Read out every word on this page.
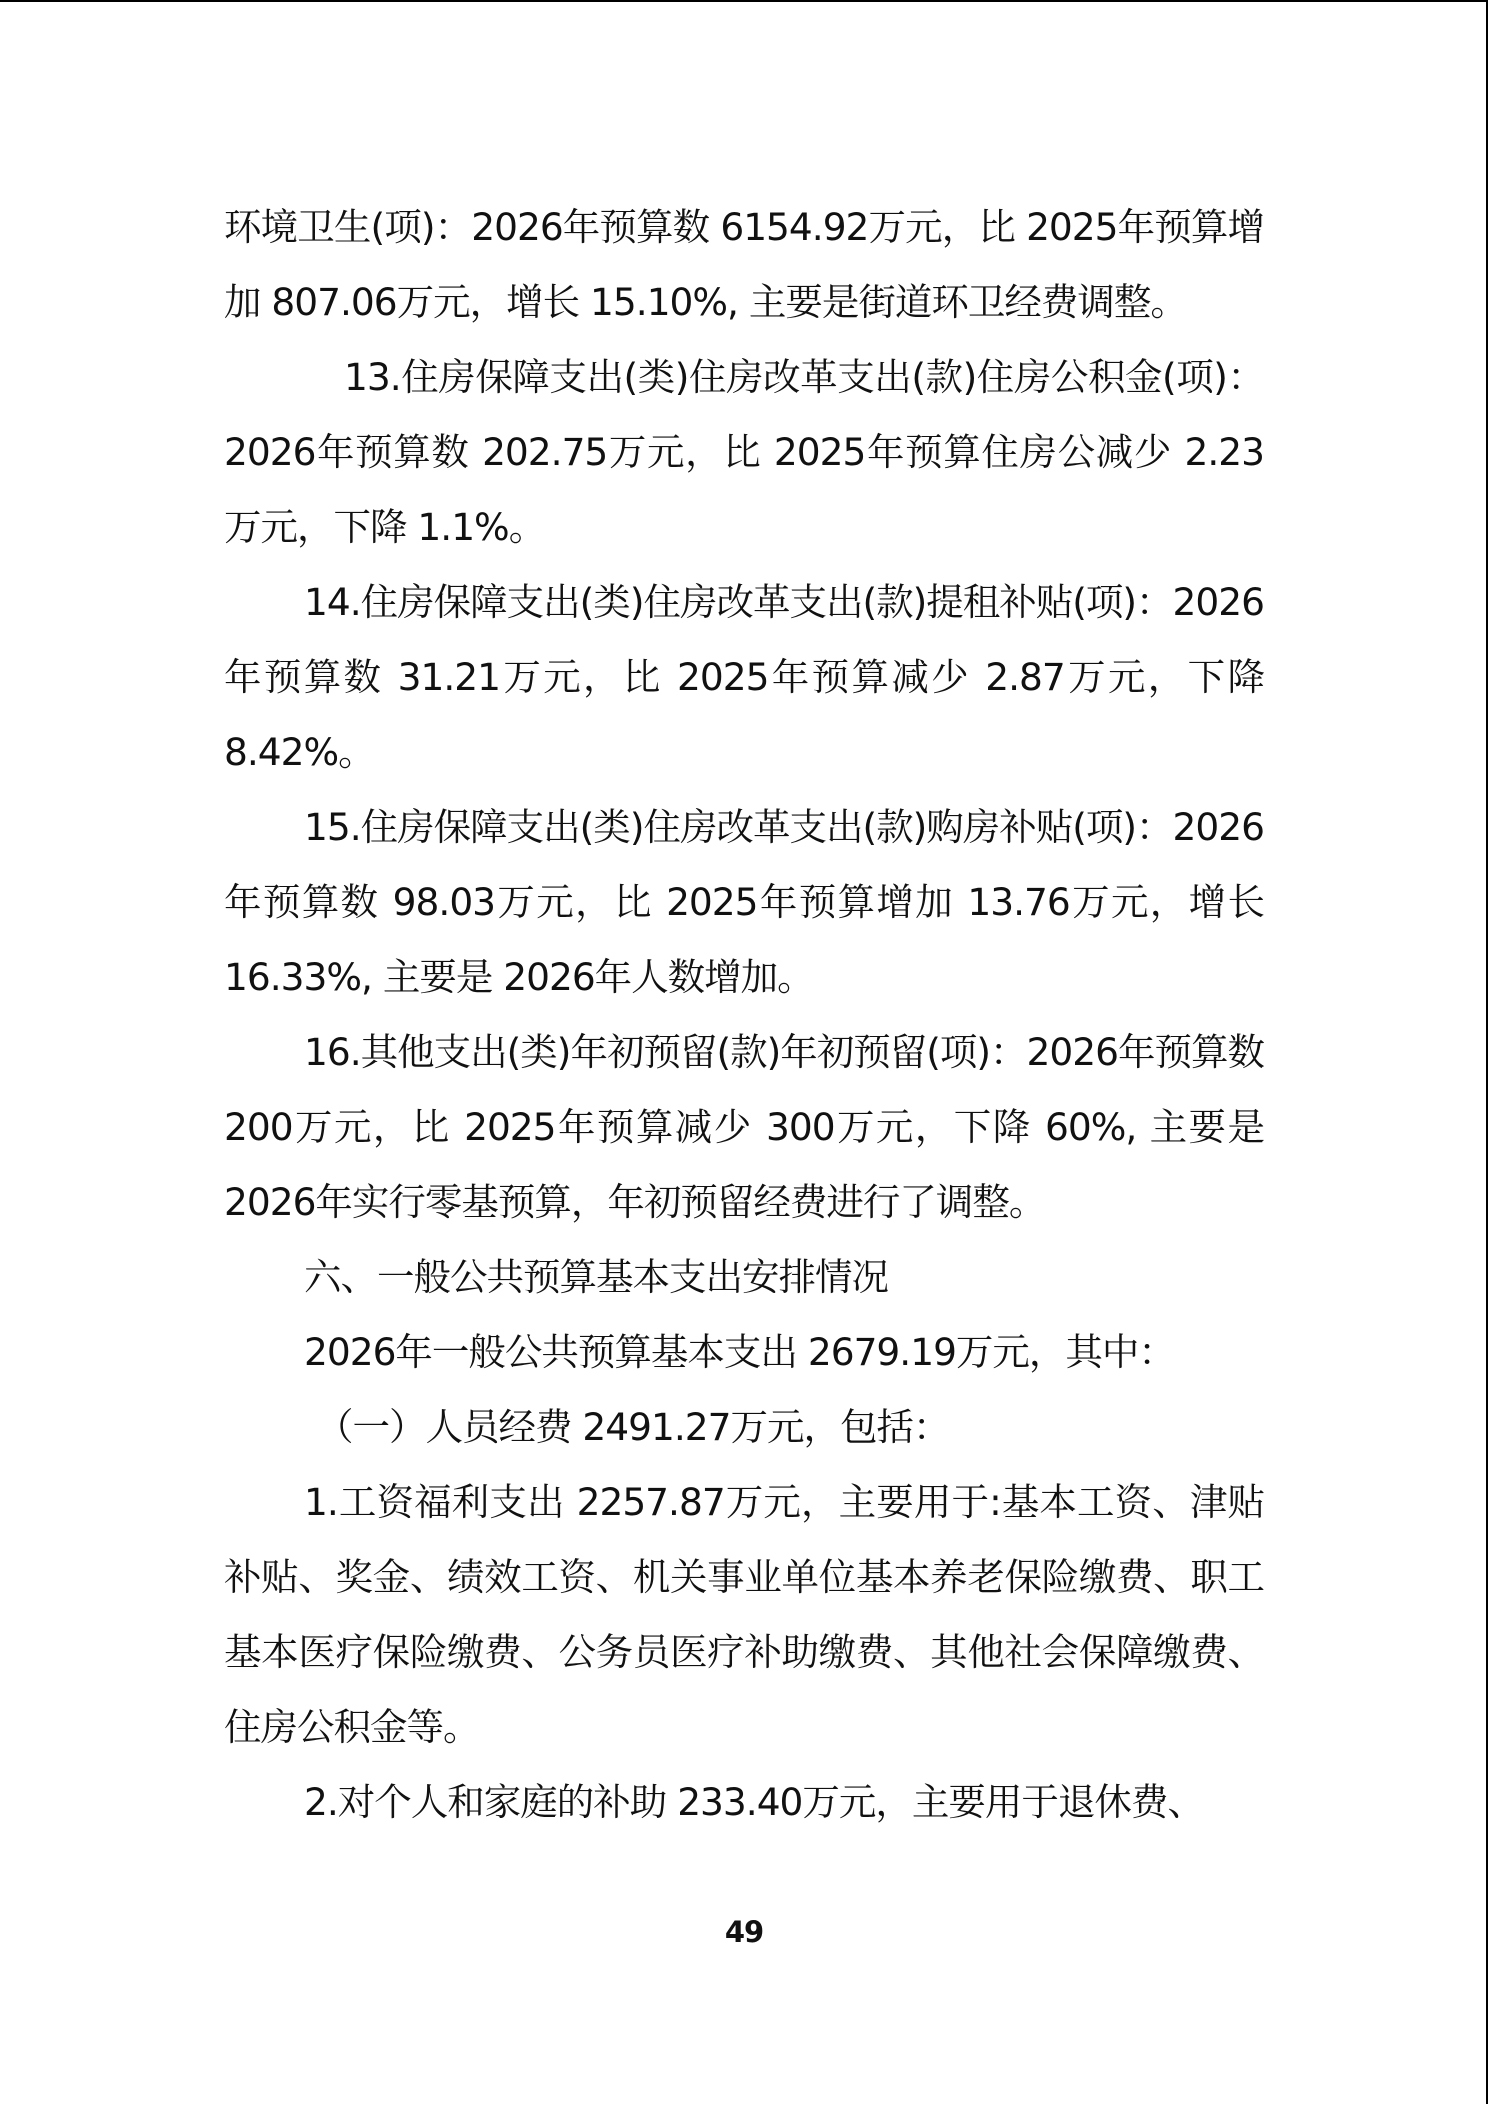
环境卫生(项)：2026年预算数 6154.92万元，比 2025年预算增加 807.06万元，增长 15.10%, 主要是街道环卫经费调整。

13.住房保障支出(类)住房改革支出(款)住房公积金(项)：2026年预算数 202.75万元，比 2025年预算住房公减少 2.23万元，下降 1.1%。

14.住房保障支出(类)住房改革支出(款)提租补贴(项)：2026年预算数 31.21万元，比 2025年预算减少 2.87万元，下降 8.42%。

15.住房保障支出(类)住房改革支出(款)购房补贴(项)：2026年预算数 98.03万元，比 2025年预算增加 13.76万元，增长 16.33%, 主要是 2026年人数增加。

16.其他支出(类)年初预留(款)年初预留(项)：2026年预算数 200万元，比 2025年预算减少 300万元，下降 60%, 主要是 2026年实行零基预算，年初预留经费进行了调整。

六、一般公共预算基本支出安排情况

2026年一般公共预算基本支出 2679.19万元，其中：

（一）人员经费 2491.27万元，包括：

1.工资福利支出 2257.87万元，主要用于:基本工资、津贴补贴、奖金、绩效工资、机关事业单位基本养老保险缴费、职工基本医疗保险缴费、公务员医疗补助缴费、其他社会保障缴费、住房公积金等。

2.对个人和家庭的补助 233.40万元，主要用于退休费、

49
